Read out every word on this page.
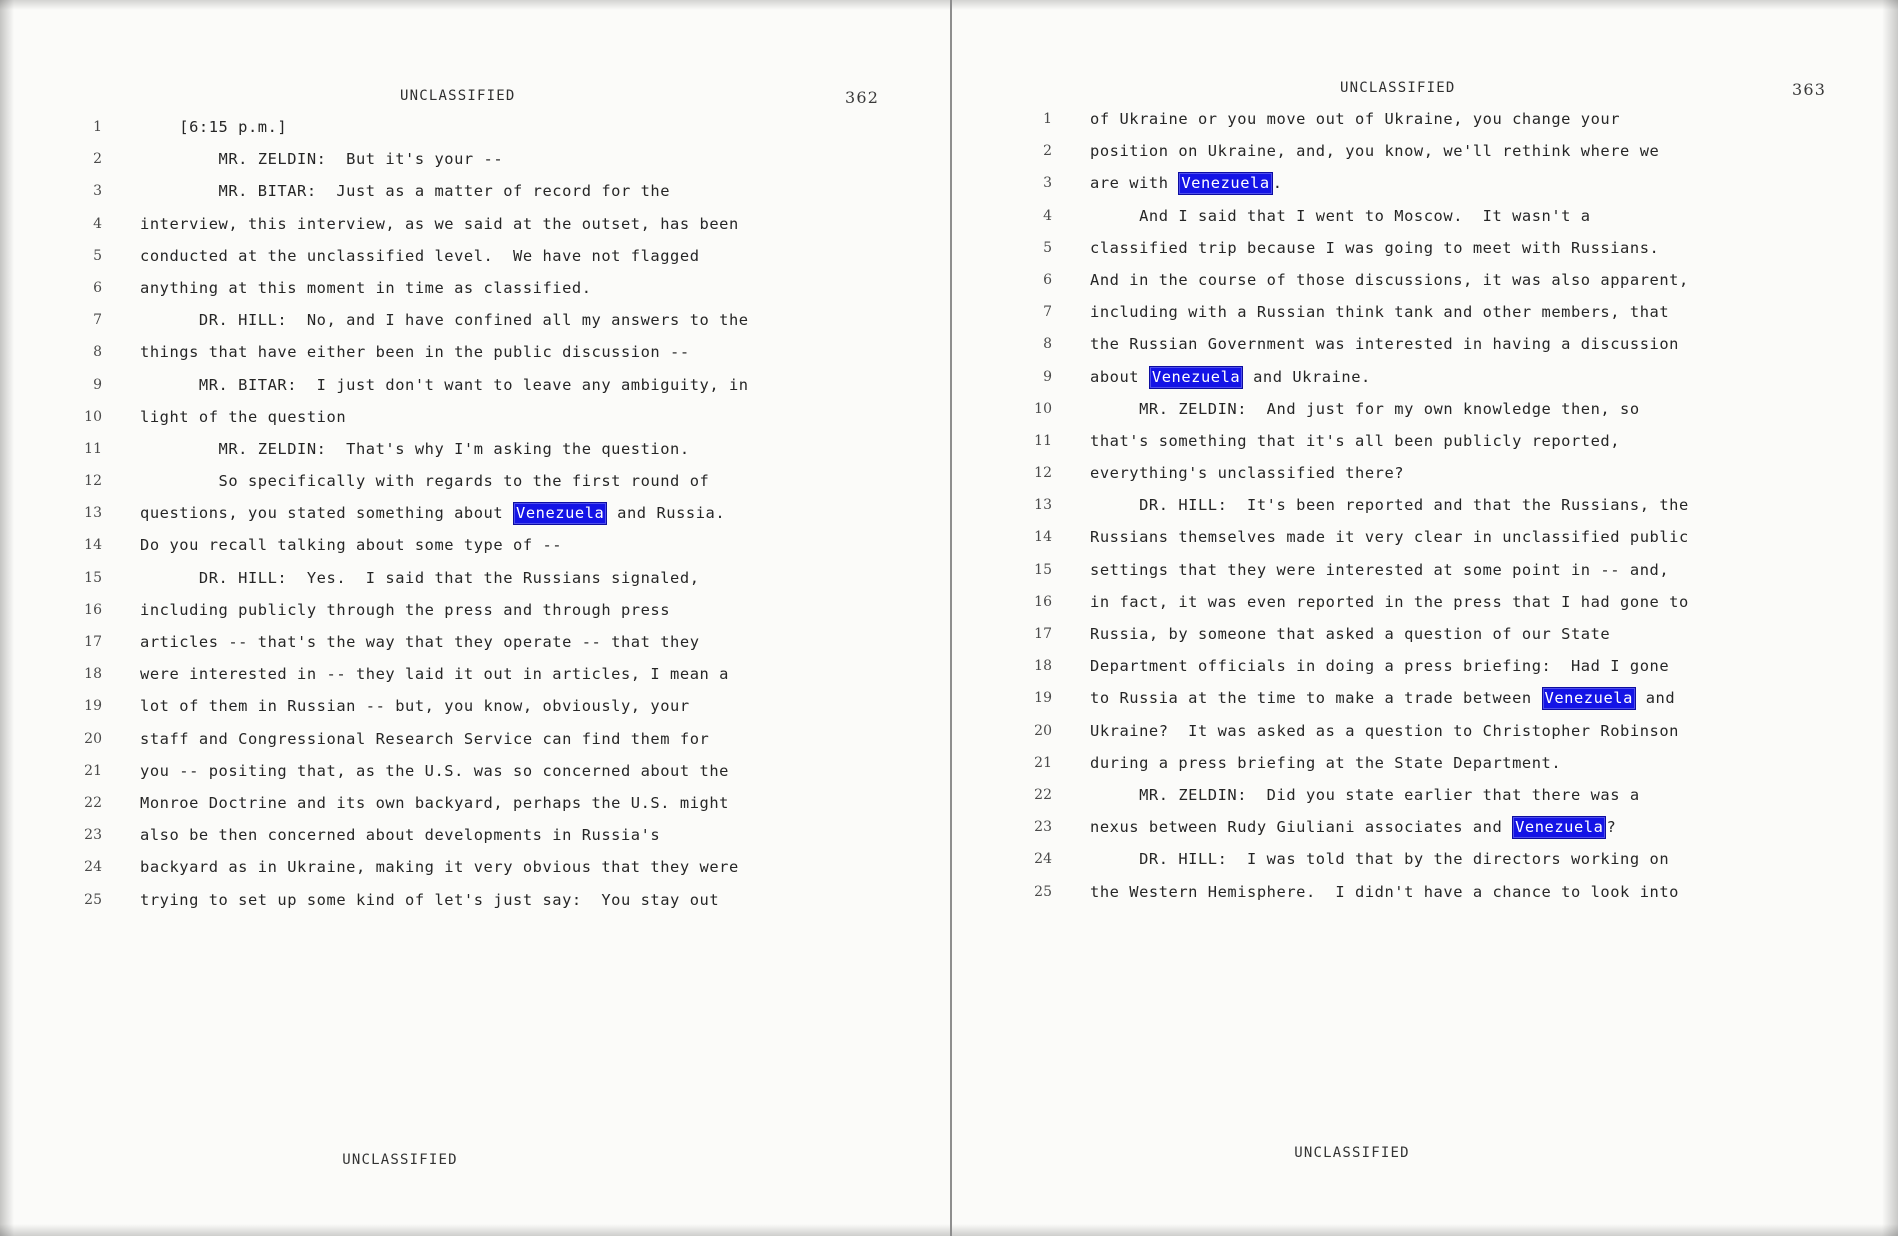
UNCLASSIFIED	362
1 [6:15 p.m.]
2 MR. ZELDIN:  But it's your --
3 MR. BITAR:  Just as a matter of record for the
4 interview, this interview, as we said at the outset, has been
5 conducted at the unclassified level.  We have not flagged
6 anything at this moment in time as classified.
7 DR. HILL:  No, and I have confined all my answers to the
8 things that have either been in the public discussion --
9 MR. BITAR:  I just don't want to leave any ambiguity, in
10 light of the question
11 MR. ZELDIN:  That's why I'm asking the question.
12 So specifically with regards to the first round of
13 questions, you stated something about Venezuela and Russia.
14 Do you recall talking about some type of --
15 DR. HILL:  Yes.  I said that the Russians signaled,
16 including publicly through the press and through press
17 articles -- that's the way that they operate -- that they
18 were interested in -- they laid it out in articles, I mean a
19 lot of them in Russian -- but, you know, obviously, your
20 staff and Congressional Research Service can find them for
21 you -- positing that, as the U.S. was so concerned about the
22 Monroe Doctrine and its own backyard, perhaps the U.S. might
23 also be then concerned about developments in Russia's
24 backyard as in Ukraine, making it very obvious that they were
25 trying to set up some kind of let's just say:  You stay out
UNCLASSIFIED
UNCLASSIFIED	363
1 of Ukraine or you move out of Ukraine, you change your
2 position on Ukraine, and, you know, we'll rethink where we
3 are with Venezuela .
4 And I said that I went to Moscow.  It wasn't a
5 classified trip because I was going to meet with Russians.
6 And in the course of those discussions, it was also apparent,
7 including with a Russian think tank and other members, that
8 the Russian Government was interested in having a discussion
9 about Venezuela and Ukraine.
10 MR. ZELDIN:  And just for my own knowledge then, so
11 that's something that it's all been publicly reported,
12 everything's unclassified there?
13 DR. HILL:  It's been reported and that the Russians, the
14 Russians themselves made it very clear in unclassified public
15 settings that they were interested at some point in -- and,
16 in fact, it was even reported in the press that I had gone to
17 Russia, by someone that asked a question of our State
18 Department officials in doing a press briefing:  Had I gone
19 to Russia at the time to make a trade between Venezuela and
20 Ukraine?  It was asked as a question to Christopher Robinson
21 during a press briefing at the State Department.
22 MR. ZELDIN:  Did you state earlier that there was a
23 nexus between Rudy Giuliani associates and Venezuela ?
24 DR. HILL:  I was told that by the directors working on
25 the Western Hemisphere.  I didn't have a chance to look into
UNCLASSIFIED
